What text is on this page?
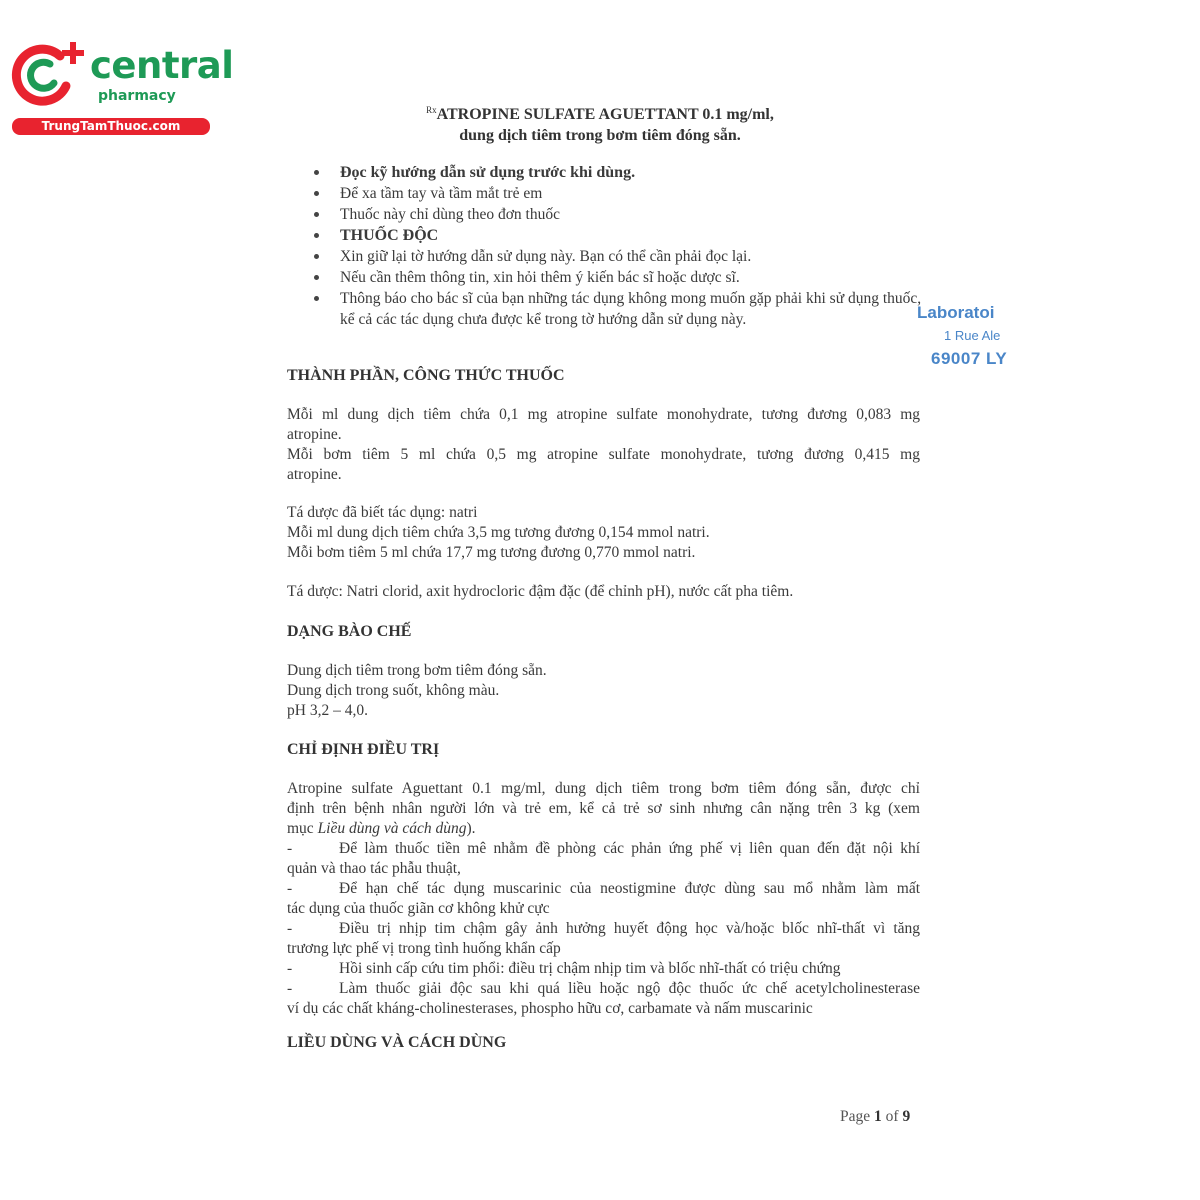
central
pharmacy
TrungTamThuoc.com
$^{Rx}$ATROPINE SULFATE AGUETTANT 0.1 mg/ml,
dung dịch tiêm trong bơm tiêm đóng sẵn.
Đọc kỹ hướng dẫn sử dụng trước khi dùng.
Để xa tầm tay và tầm mắt trẻ em
Thuốc này chỉ dùng theo đơn thuốc
THUỐC ĐỘC
Xin giữ lại tờ hướng dẫn sử dụng này. Bạn có thể cần phải đọc lại.
Nếu cần thêm thông tin, xin hỏi thêm ý kiến bác sĩ hoặc dược sĩ.
Thông báo cho bác sĩ của bạn những tác dụng không mong muốn gặp phải khi sử dụng thuốc, kể cả các tác dụng chưa được kể trong tờ hướng dẫn sử dụng này.	Laboratoi
1 Rue Ale
69007 LY
THÀNH PHẦN, CÔNG THỨC THUỐC
Mỗi ml dung dịch tiêm chứa 0,1 mg atropine sulfate monohydrate, tương đương 0,083 mg
atropine.
Mỗi bơm tiêm 5 ml chứa 0,5 mg atropine sulfate monohydrate, tương đương 0,415 mg
atropine.
Tá dược đã biết tác dụng: natri
Mỗi ml dung dịch tiêm chứa 3,5 mg tương đương 0,154 mmol natri.
Mỗi bơm tiêm 5 ml chứa 17,7 mg tương đương 0,770 mmol natri.
Tá dược: Natri clorid, axit hydrocloric đậm đặc (để chỉnh pH), nước cất pha tiêm.
DẠNG BÀO CHẾ
Dung dịch tiêm trong bơm tiêm đóng sẵn.
Dung dịch trong suốt, không màu.
pH 3,2 – 4,0.
CHỈ ĐỊNH ĐIỀU TRỊ
Atropine sulfate Aguettant 0.1 mg/ml, dung dịch tiêm trong bơm tiêm đóng sẵn, được chỉ
định trên bệnh nhân người lớn và trẻ em, kể cả trẻ sơ sinh nhưng cân nặng trên 3 kg (xem
mục Liều dùng và cách dùng).
-	Để làm thuốc tiền mê nhằm đề phòng các phản ứng phế vị liên quan đến đặt nội khí
quản và thao tác phẫu thuật,
-	Để hạn chế tác dụng muscarinic của neostigmine được dùng sau mổ nhằm làm mất
tác dụng của thuốc giãn cơ không khử cực
-	Điều trị nhịp tim chậm gây ảnh hưởng huyết động học và/hoặc blốc nhĩ-thất vì tăng
trương lực phế vị trong tình huống khẩn cấp
-	Hồi sinh cấp cứu tim phổi: điều trị chậm nhịp tim và blốc nhĩ-thất có triệu chứng
-	Làm thuốc giải độc sau khi quá liều hoặc ngộ độc thuốc ức chế acetylcholinesterase
ví dụ các chất kháng-cholinesterases, phospho hữu cơ, carbamate và nấm muscarinic
LIỀU DÙNG VÀ CÁCH DÙNG
Page 1 of 9
